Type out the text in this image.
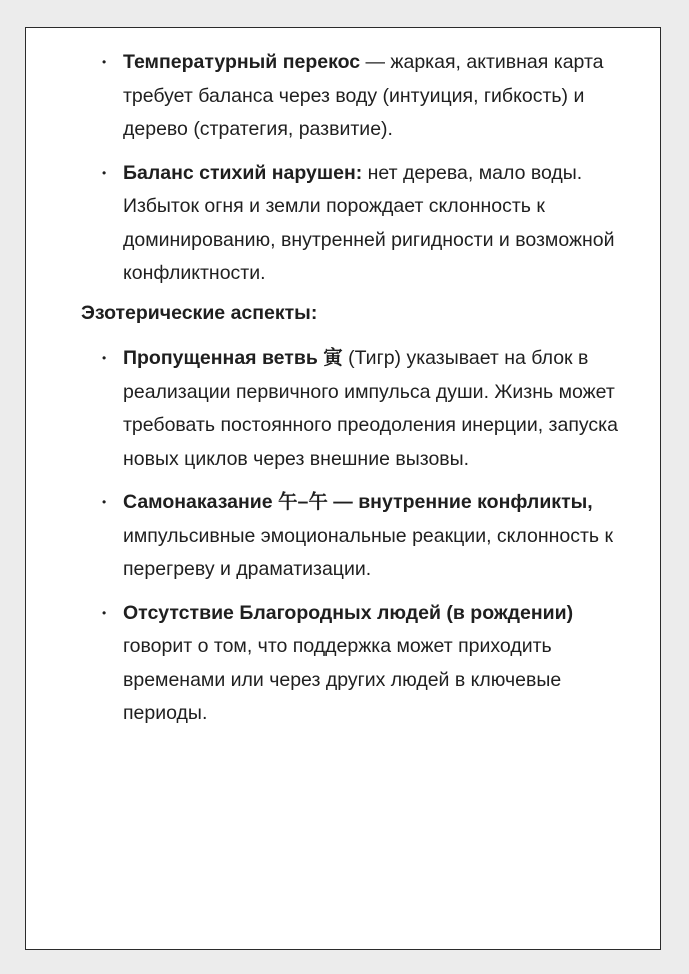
• Температурный перекос — жаркая, активная карта требует баланса через воду (интуиция, гибкость) и дерево (стратегия, развитие).
• Баланс стихий нарушен: нет дерева, мало воды. Избыток огня и земли порождает склонность к доминированию, внутренней ригидности и возможной конфликтности.

Эзотерические аспекты:

• Пропущенная ветвь 寅 (Тигр) указывает на блок в реализации первичного импульса души. Жизнь может требовать постоянного преодоления инерции, запуска новых циклов через внешние вызовы.
• Самонаказание 午–午 — внутренние конфликты, импульсивные эмоциональные реакции, склонность к перегреву и драматизации.
• Отсутствие Благородных людей (в рождении) говорит о том, что поддержка может приходить временами или через других людей в ключевые периоды.
